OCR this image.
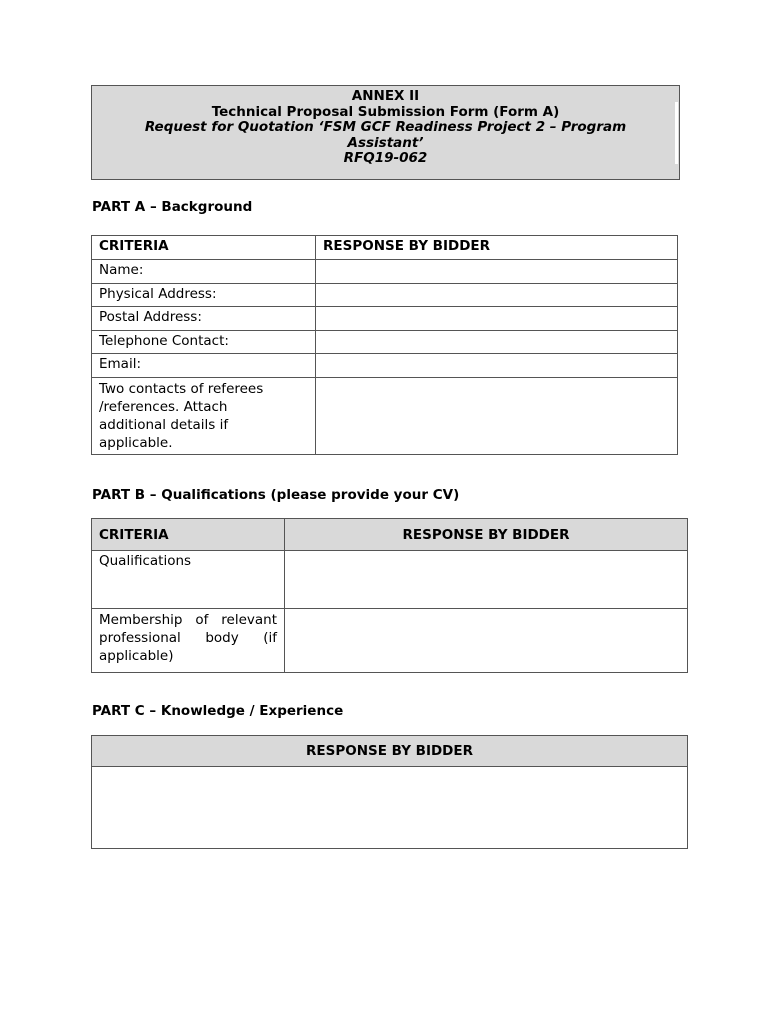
ANNEX II
Technical Proposal Submission Form (Form A)
Request for Quotation ‘FSM GCF Readiness Project 2 – Program
Assistant’
RFQ19-062
PART A – Background
CRITERIA	RESPONSE BY BIDDER
Name:	
Physical Address:	
Postal Address:	
Telephone Contact:	
Email:	

Two contacts of referees
/references. Attach
additional details if
applicable.	

PART B – Qualifications (please provide your CV)
CRITERIA	RESPONSE BY BIDDER
Qualifications	
Membership of relevant professional body (if applicable)	
PART C – Knowledge / Experience
RESPONSE BY BIDDER
